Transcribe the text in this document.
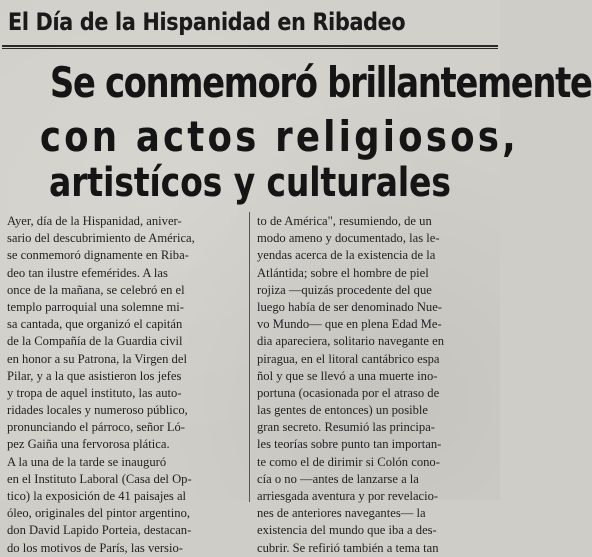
El Día de la Hispanidad en Ribadeo
Se conmemoró brillantemente
con actos religiosos,
artistícos y culturales
Ayer, día de la Hispanidad, aniver-
sario del descubrimiento de América,
se conmemoró dignamente en Riba-
deo tan ilustre efemérides. A las
once de la mañana, se celebró en el
templo parroquial una solemne mi-
sa cantada, que organizó el capitán
de la Compañía de la Guardia civil
en honor a su Patrona, la Virgen del
Pilar, y a la que asistieron los jefes
y tropa de aquel instituto, las auto-
ridades locales y numeroso público,
pronunciando el párroco, señor Ló-
pez Gaiña una fervorosa plática.
A la una de la tarde se inauguró
en el Instituto Laboral (Casa del Op-
tico) la exposición de 41 paisajes al
óleo, originales del pintor argentino,
don David Lapido Porteia, destacan-
do los motivos de París, las versio-
to de América", resumiendo, de un
modo ameno y documentado, las le-
yendas acerca de la existencia de la
Atlántida; sobre el hombre de piel
rojiza —quizás procedente del que
luego había de ser denominado Nue-
vo Mundo— que en plena Edad Me-
dia apareciera, solitario navegante en
piragua, en el litoral cantábrico espa
ñol y que se llevó a una muerte ino-
portuna (ocasionada por el atraso de
las gentes de entonces) un posible
gran secreto. Resumió las principa-
les teorías sobre punto tan importan-
te como el de dirimir si Colón cono-
cía o no —antes de lanzarse a la
arriesgada aventura y por revelacio-
nes de anteriores navegantes— la
existencia del mundo que iba a des-
cubrir. Se refirió también a tema tan
